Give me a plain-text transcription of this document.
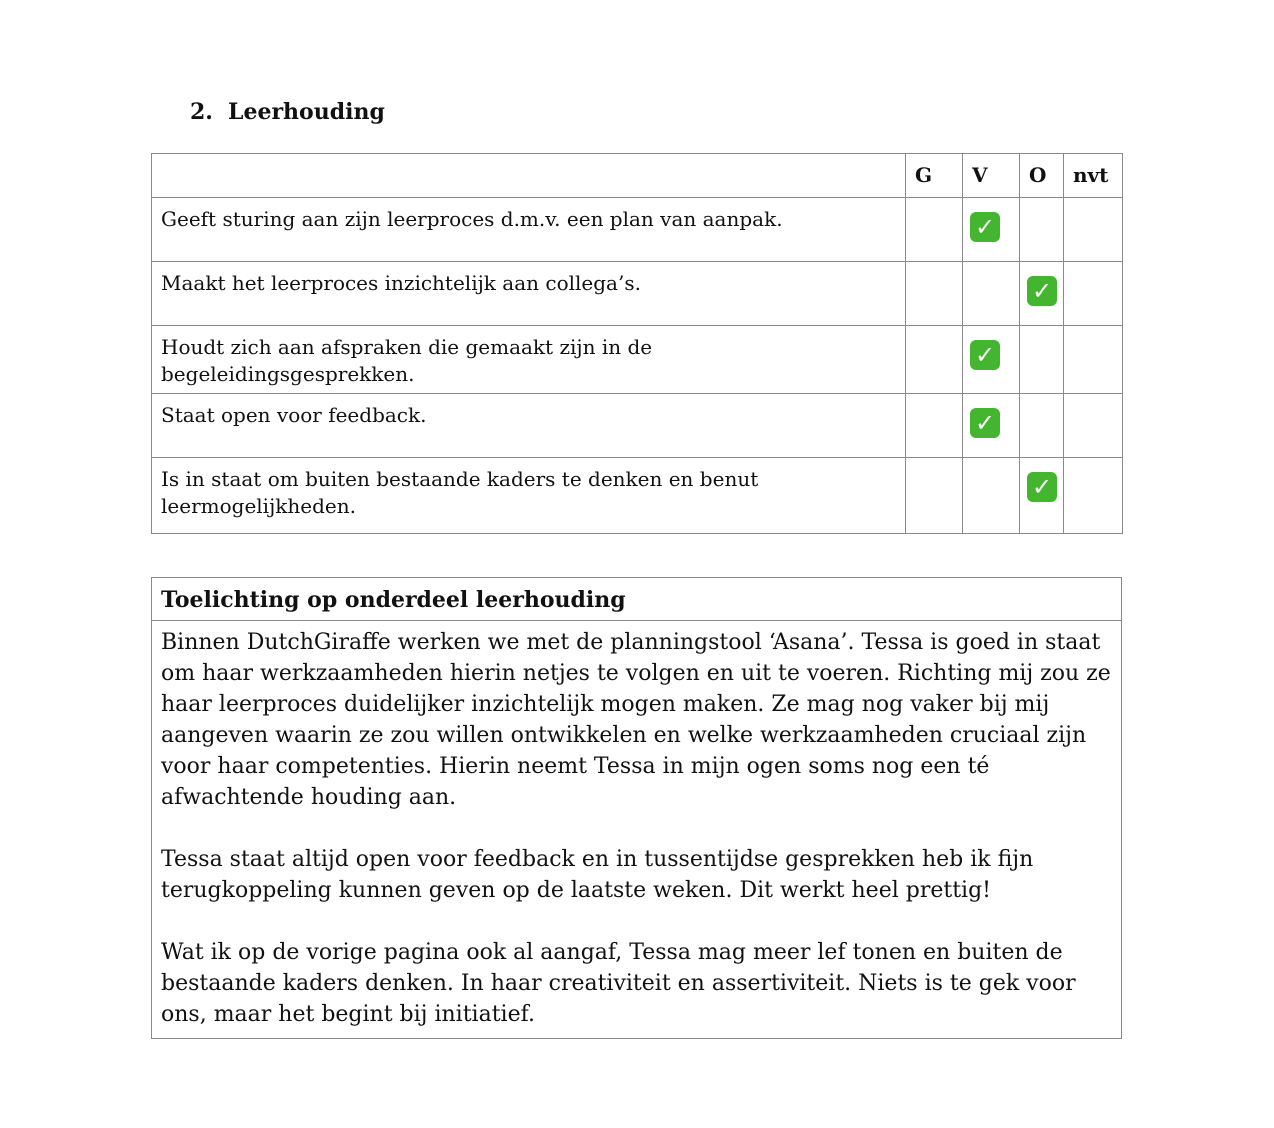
2. Leerhouding
	G	V	O	nvt
Geeft sturing aan zijn leerproces d.m.v. een plan van aanpak.		✓		
Maakt het leerproces inzichtelijk aan collega’s.			✓	
Houdt zich aan afspraken die gemaakt zijn in de begeleidingsgesprekken.		✓		
Staat open voor feedback.		✓		
Is in staat om buiten bestaande kaders te denken en benut leermogelijkheden.			✓	
Toelichting op onderdeel leerhouding

Binnen DutchGiraffe werken we met de planningstool ‘Asana’. Tessa is goed in staat om haar werkzaamheden hierin netjes te volgen en uit te voeren. Richting mij zou ze haar leerproces duidelijker inzichtelijk mogen maken. Ze mag nog vaker bij mij aangeven waarin ze zou willen ontwikkelen en welke werkzaamheden cruciaal zijn voor haar competenties. Hierin neemt Tessa in mijn ogen soms nog een té afwachtende houding aan.

Tessa staat altijd open voor feedback en in tussentijdse gesprekken heb ik fijn terugkoppeling kunnen geven op de laatste weken. Dit werkt heel prettig!

Wat ik op de vorige pagina ook al aangaf, Tessa mag meer lef tonen en buiten de bestaande kaders denken. In haar creativiteit en assertiviteit. Niets is te gek voor ons, maar het begint bij initiatief.
